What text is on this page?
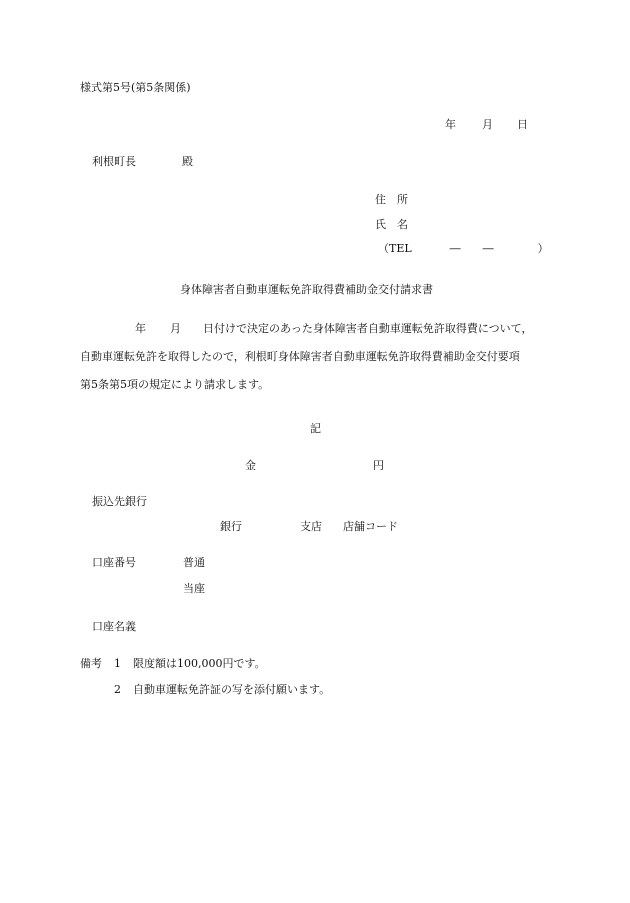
様式第5号(第5条関係)
年 月 日
利根町長	殿
住　所
氏　名
（TEL	― ―	）
身体障害者自動車運転免許取得費補助金交付請求書
年 月 日付けで決定のあった身体障害者自動車運転免許取得費について，
自動車運転免許を取得したので，利根町身体障害者自動車運転免許取得費補助金交付要項
第5条第5項の規定により請求します。
記
金	円
振込先銀行
銀行	支店 店舗コード
口座番号	普通
当座
口座名義
備考 1 限度額は100,000円です。
2 自動車運転免許証の写を添付願います。
